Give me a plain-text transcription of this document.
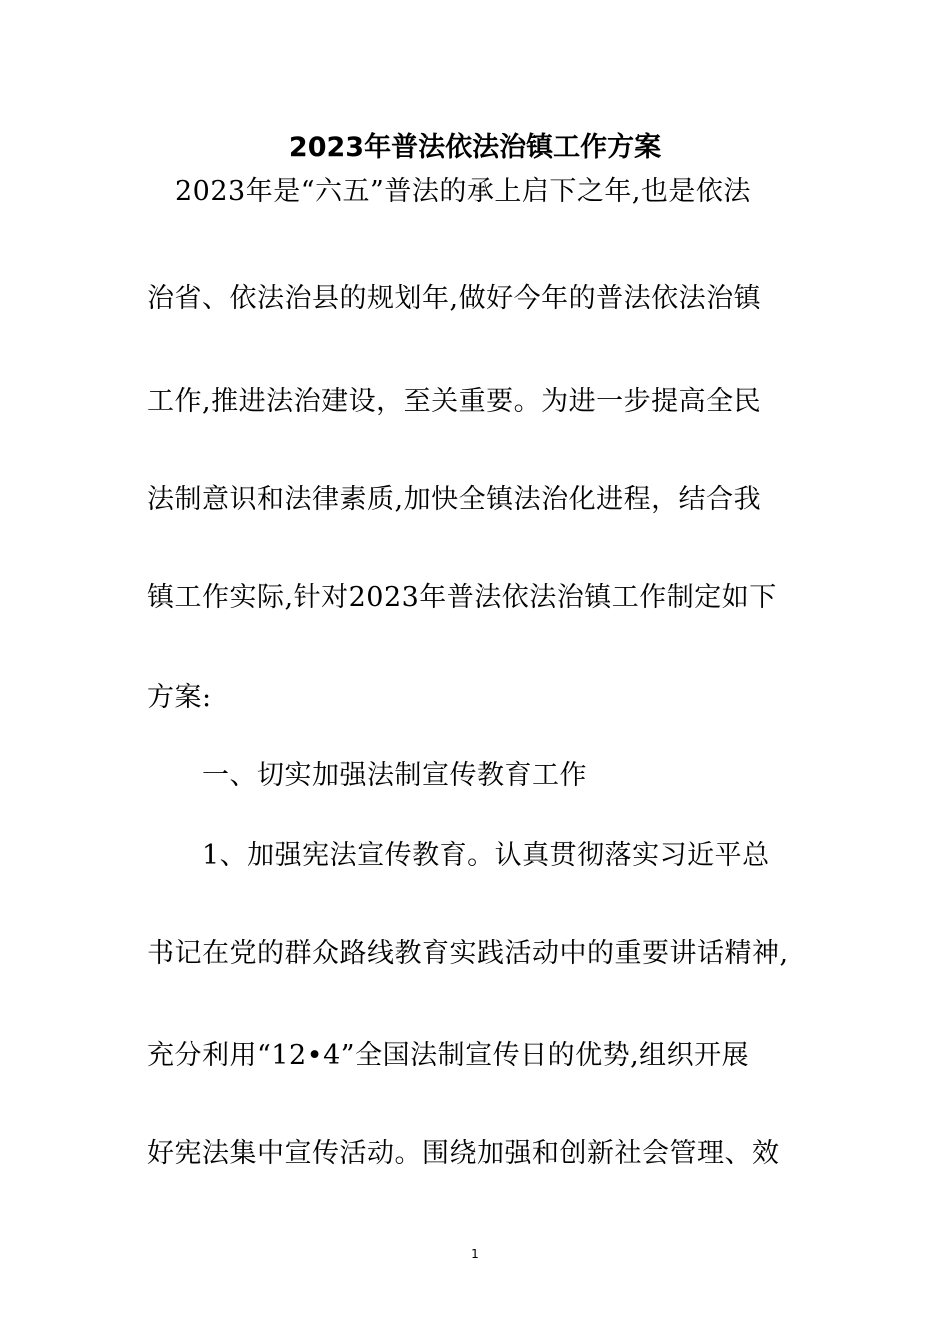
2023年普法依法治镇工作方案
2023年是“六五”普法的承上启下之年,也是依法
治省、依法治县的规划年,做好今年的普法依法治镇
工作,推进法治建设，至关重要。为进一步提高全民
法制意识和法律素质,加快全镇法治化进程，结合我
镇工作实际,针对2023年普法依法治镇工作制定如下
方案:
一、切实加强法制宣传教育工作
1、加强宪法宣传教育。认真贯彻落实习近平总
书记在党的群众路线教育实践活动中的重要讲话精神,
充分利用“12•4”全国法制宣传日的优势,组织开展
好宪法集中宣传活动。围绕加强和创新社会管理、效
1
